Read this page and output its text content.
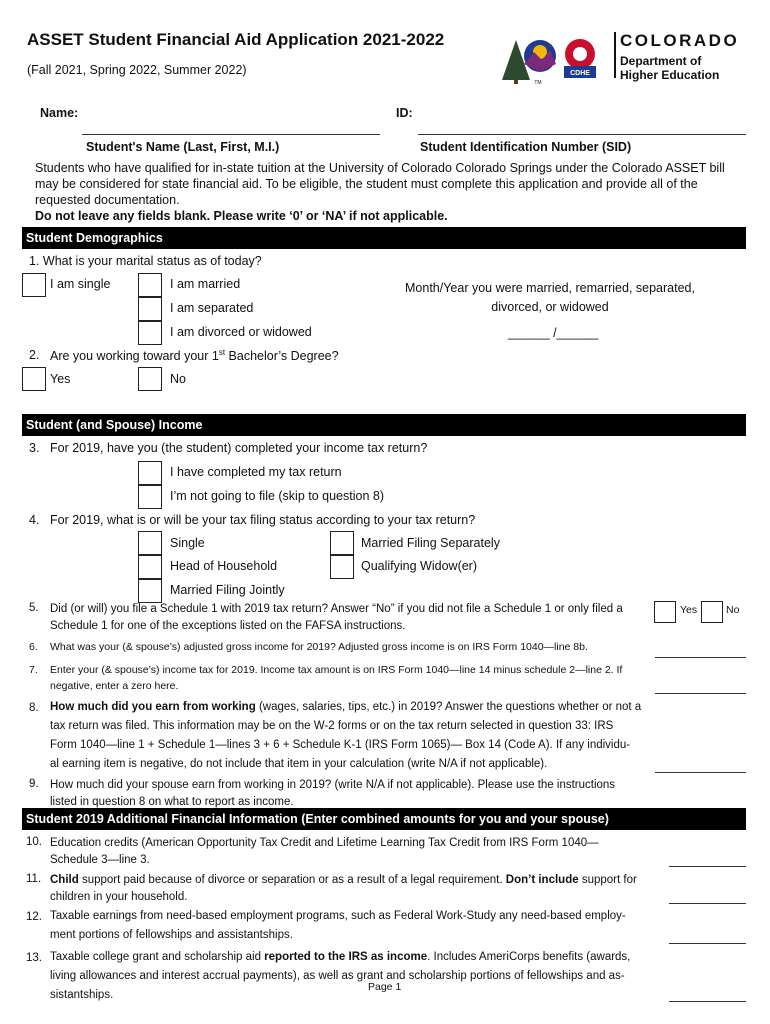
ASSET Student Financial Aid Application 2021-2022
(Fall 2021, Spring 2022, Summer 2022)	CDHE
TM
COLORADO
Department of
Higher Education
Name:	ID:
Student's Name (Last, First, M.I.)	Student Identification Number (SID)
Students who have qualified for in-state tuition at the University of Colorado Colorado Springs under the Colorado ASSET bill
may be considered for state financial aid. To be eligible, the student must complete this application and provide all of the
requested documentation.
Do not leave any fields blank. Please write ‘0’ or ‘NA’ if not applicable.
Student Demographics
1. What is your marital status as of today?
I am single	I am married
I am separated
I am divorced or widowed
Month/Year you were married, remarried, separated,
divorced, or widowed
______ /______
2. Are you working toward your 1st Bachelor’s Degree?
Yes	No
Student (and Spouse) Income
3. For 2019, have you (the student) completed your income tax return?
I have completed my tax return
I’m not going to file (skip to question 8)
4. For 2019, what is or will be your tax filing status according to your tax return?
Single
Head of Household
Married Filing Jointly
Married Filing Separately
Qualifying Widow(er)
5. Did (or will) you file a Schedule 1 with 2019 tax return? Answer “No” if you did not file a Schedule 1 or only filed a
Schedule 1 for one of the exceptions listed on the FAFSA instructions.
Yes	No
6. What was your (& spouse’s) adjusted gross income for 2019? Adjusted gross income is on IRS Form 1040—line 8b.
7. Enter your (& spouse’s) income tax for 2019. Income tax amount is on IRS Form 1040—line 14 minus schedule 2—line 2. If
negative, enter a zero here.
8. How much did you earn from working (wages, salaries, tips, etc.) in 2019? Answer the questions whether or not a
tax return was filed. This information may be on the W-2 forms or on the tax return selected in question 33: IRS
Form 1040—line 1 + Schedule 1—lines 3 + 6 + Schedule K-1 (IRS Form 1065)— Box 14 (Code A). If any individu-
al earning item is negative, do not include that item in your calculation (write N/A if not applicable).
9. How much did your spouse earn from working in 2019? (write N/A if not applicable). Please use the instructions
listed in question 8 on what to report as income.
Student 2019 Additional Financial Information (Enter combined amounts for you and your spouse)
10. Education credits (American Opportunity Tax Credit and Lifetime Learning Tax Credit from IRS Form 1040—
Schedule 3—line 3.
11. Child support paid because of divorce or separation or as a result of a legal requirement. Don’t include support for
children in your household.
12. Taxable earnings from need-based employment programs, such as Federal Work-Study any need-based employ-
ment portions of fellowships and assistantships.
13. Taxable college grant and scholarship aid reported to the IRS as income. Includes AmeriCorps benefits (awards,
living allowances and interest accrual payments), as well as grant and scholarship portions of fellowships and as-
sistantships.
Page 1
